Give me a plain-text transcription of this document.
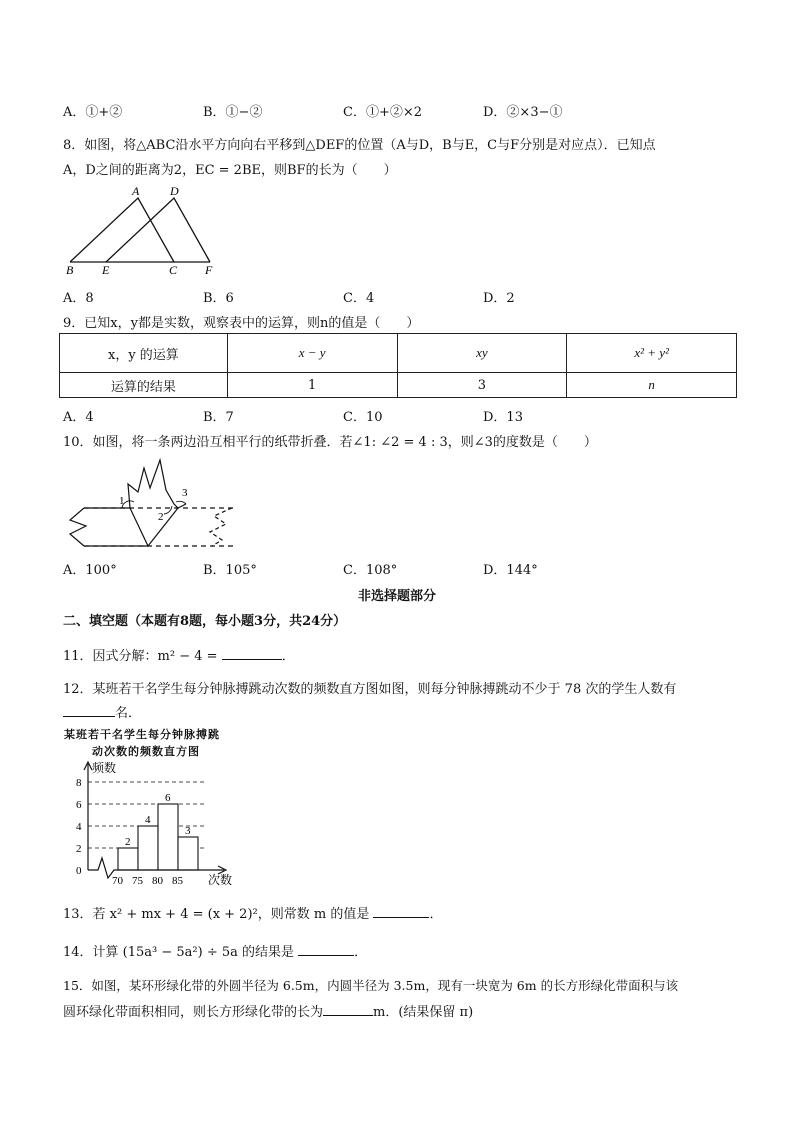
A．①+②	B．①−②	C．①+②×2	D．②×3−①
8．如图，将△ABC沿水平方向向右平移到△DEF的位置（A与D，B与E，C与F分别是对应点）．已知点
A，D之间的距离为2，EC = 2BE，则BF的长为（　　）
A	D
B E	C F
A．8	B．6	C．4	D．2
9．已知x，y都是实数，观察表中的运算，则n的值是（　　）
x，y 的运算	x − y	xy	x² + y²
运算的结果	1	3	n
A．4	B．7	C．10	D．13
10．如图，将一条两边沿互相平行的纸带折叠．若∠1: ∠2 = 4 : 3，则∠3的度数是（　　）
1
2
3
A．100°	B．105°	C．108°	D．144°
非选择题部分
二、填空题（本题有8题，每小题3分，共24分）
11．因式分解：m² − 4 =	．
12．某班若干名学生每分钟脉搏跳动次数的频数直方图如图，则每分钟脉搏跳动不少于 78 次的学生人数有
名．
某班若干名学生每分钟脉搏跳
动次数的频数直方图
2
4
6
3
0
2
4
6
8
70 75 80 85
频数
次数
13．若 x² + mx + 4 = (x + 2)²，则常数 m 的值是	．
14．计算 (15a³ − 5a²) ÷ 5a 的结果是	．
15．如图，某环形绿化带的外圆半径为 6.5m，内圆半径为 3.5m，现有一块宽为 6m 的长方形绿化带面积与该
圆环绿化带面积相同，则长方形绿化带的长为	m．(结果保留 π)
